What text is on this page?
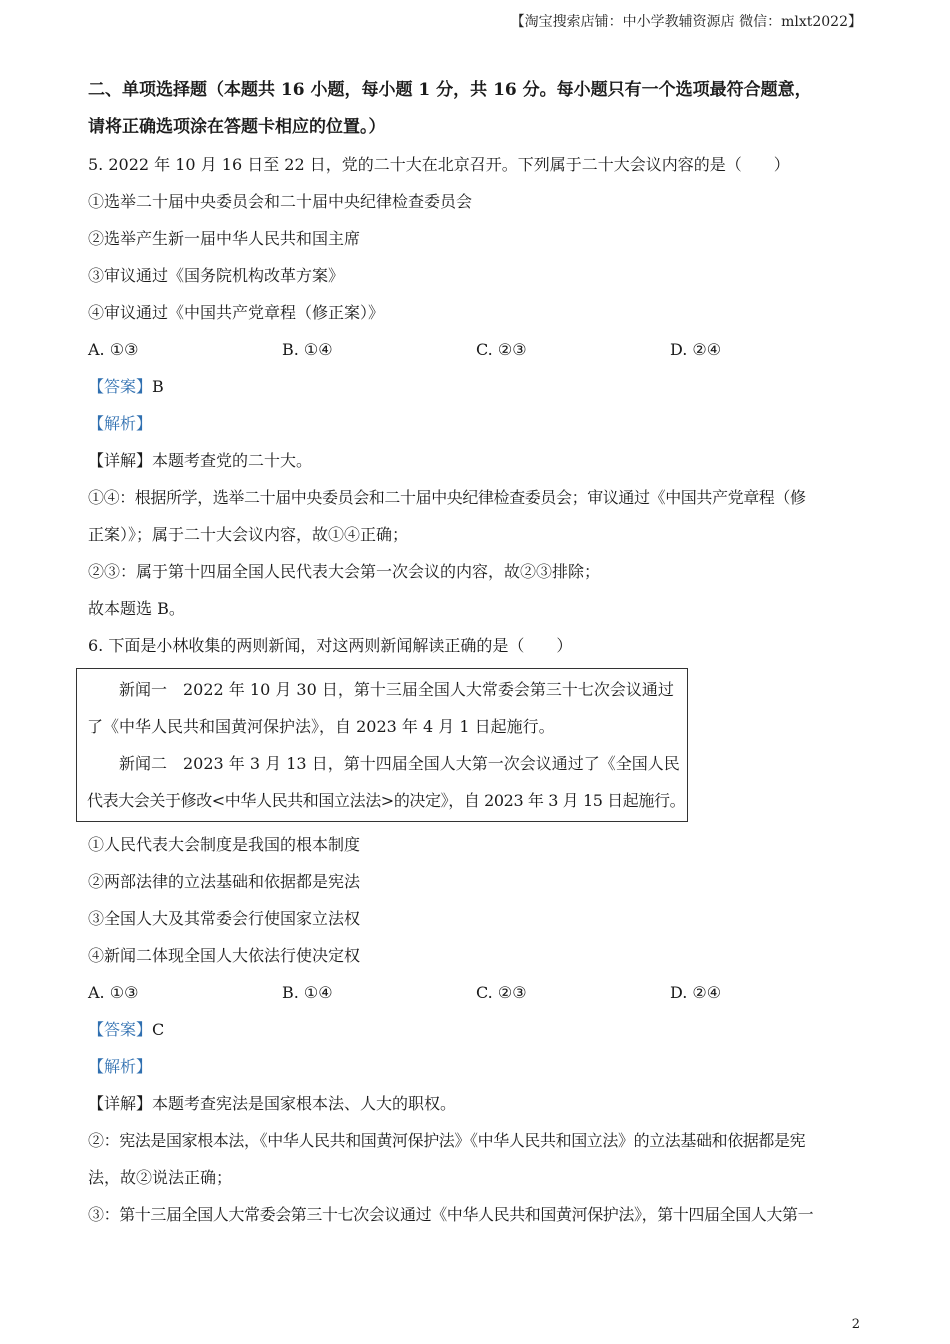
【淘宝搜索店铺：中小学教辅资源店 微信：mlxt2022】
二、单项选择题（本题共 16 小题，每小题 1 分，共 16 分。每小题只有一个选项最符合题意，
请将正确选项涂在答题卡相应的位置。）
5. 2022 年 10 月 16 日至 22 日，党的二十大在北京召开。下列属于二十大会议内容的是（　　）
①选举二十届中央委员会和二十届中央纪律检查委员会
②选举产生新一届中华人民共和国主席
③审议通过《国务院机构改革方案》
④审议通过《中国共产党章程（修正案）》
A. ①③	B. ①④	C. ②③	D. ②④
【答案】B
【解析】
【详解】本题考查党的二十大。
①④：根据所学，选举二十届中央委员会和二十届中央纪律检查委员会；审议通过《中国共产党章程（修
正案）》；属于二十大会议内容，故①④正确；
②③：属于第十四届全国人民代表大会第一次会议的内容，故②③排除；
故本题选 B。
6. 下面是小林收集的两则新闻，对这两则新闻解读正确的是（　　）
新闻一　2022 年 10 月 30 日，第十三届全国人大常委会第三十七次会议通过
了《中华人民共和国黄河保护法》，自 2023 年 4 月 1 日起施行。
新闻二　2023 年 3 月 13 日，第十四届全国人大第一次会议通过了《全国人民
代表大会关于修改<中华人民共和国立法法>的决定》，自 2023 年 3 月 15 日起施行。
①人民代表大会制度是我国的根本制度
②两部法律的立法基础和依据都是宪法
③全国人大及其常委会行使国家立法权
④新闻二体现全国人大依法行使决定权
A. ①③	B. ①④	C. ②③	D. ②④
【答案】C
【解析】
【详解】本题考查宪法是国家根本法、人大的职权。
②：宪法是国家根本法，《中华人民共和国黄河保护法》《中华人民共和国立法》的立法基础和依据都是宪
法，故②说法正确；
③：第十三届全国人大常委会第三十七次会议通过《中华人民共和国黄河保护法》，第十四届全国人大第一
2
